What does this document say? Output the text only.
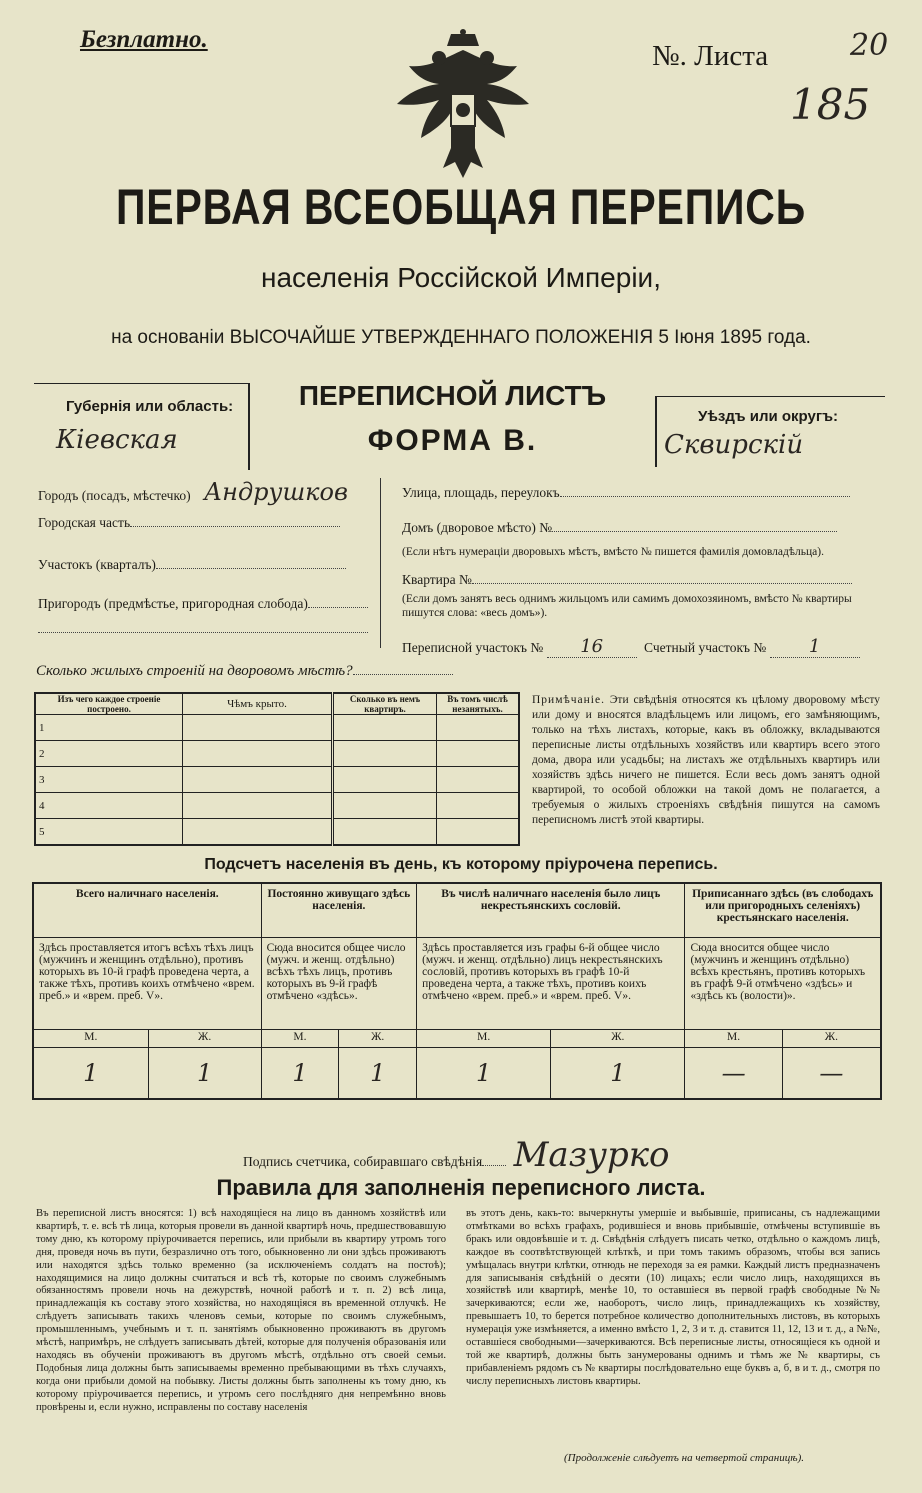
Безплатно.
№. Листа	20
185
ПЕРВАЯ ВСЕОБЩАЯ ПЕРЕПИСЬ
населенія Россійской Имперіи,
на основаніи ВЫСОЧАЙШЕ УТВЕРЖДЕННАГО ПОЛОЖЕНІЯ 5 Іюня 1895 года.
Губернія или область:
Кіевская
ПЕРЕПИСНОЙ ЛИСТЪ
ФОРМА В.
Уѣздъ или округъ:
Сквирскій
Городъ (посадъ, мѣстечко) Андрушков
Городская часть
Участокъ (кварталъ)
Пригородъ (предмѣстье, пригородная слобода)
Улица, площадь, переулокъ
Домъ (дворовое мѣсто) №
(Если нѣтъ нумераціи дворовыхъ мѣстъ, вмѣсто № пишется фамилія домовладѣльца).
Квартира №
(Если домъ занятъ весь однимъ жильцомъ или самимъ домохозяиномъ, вмѣсто № квартиры пишутся слова: «весь домъ»).
Переписной участокъ № 16	Счетный участокъ № 1
Сколько жилыхъ строеній на дворовомъ мѣстѣ?
Изъ чего каждое строеніе построено.	Чѣмъ крыто.	Сколько въ немъ квартиръ.	Въ томъ числѣ незанятыхъ.
1			
2			
3			
4			
5			
Примѣчаніе. Эти свѣдѣнія относятся къ цѣлому дворовому мѣсту или дому и вносятся владѣльцемъ или лицомъ, его замѣняющимъ, только на тѣхъ листахъ, которые, какъ въ обложку, вкладываются переписные листы отдѣльныхъ хозяйствъ или квартиръ всего этого дома, двора или усадьбы; на листахъ же отдѣльныхъ квартиръ или хозяйствъ здѣсь ничего не пишется. Если весь домъ занятъ одной квартирой, то особой обложки на такой домъ не полагается, а требуемыя о жилыхъ строеніяхъ свѣдѣнія пишутся на самомъ переписномъ листѣ этой квартиры.
Подсчетъ населенія въ день, къ которому пріурочена перепись.
Всего наличнаго населенія.		Постоянно живущаго здѣсь населенія.		Въ числѣ наличнаго населенія было лицъ некрестьянскихъ сословій.		Приписаннаго здѣсь (въ слободахъ или пригородныхъ селеніяхъ) крестьянскаго населенія.	
Здѣсь проставляется итогъ всѣхъ тѣхъ лицъ (мужчинъ и женщинъ отдѣльно), противъ которыхъ въ 10-й графѣ проведена черта, а также тѣхъ, противъ коихъ отмѣчено «врем. преб.» и «врем. преб. V».		Сюда вносится общее число (мужч. и женщ. отдѣльно) всѣхъ тѣхъ лицъ, противъ которыхъ въ 9-й графѣ отмѣчено «здѣсь».		Здѣсь проставляется изъ графы 6-й общее число (мужч. и женщ. отдѣльно) лицъ некрестьянскихъ сословій, противъ которыхъ въ графѣ 10-й проведена черта, а также тѣхъ, противъ коихъ отмѣчено «врем. преб.» и «врем. преб. V».		Сюда вносится общее число (мужчинъ и женщинъ отдѣльно) всѣхъ крестьянъ, противъ которыхъ въ графѣ 9-й отмѣчено «здѣсь» и «здѣсь къ (волости)».	
М.	Ж.	М.	Ж.	М.	Ж.	М.	Ж.
1	1	1	1	1	1	—	—
Подпись счетчика, собиравшаго свѣдѣнія Мазурко
Правила для заполненія переписного листа.
Въ переписной листъ вносятся: 1) всѣ находящіеся на лицо въ данномъ хозяйствѣ или квартирѣ, т. е. всѣ тѣ лица, которыя провели въ данной квартирѣ ночь, предшествовавшую тому дню, къ которому пріурочивается перепись, или прибыли въ квартиру утромъ того дня, проведя ночь въ пути, безразлично отъ того, обыкновенно ли они здѣсь проживаютъ или находятся здѣсь только временно (за исключеніемъ солдатъ на постоѣ); находящимися на лицо должны считаться и всѣ тѣ, которые по своимъ служебнымъ обязанностямъ провели ночь на дежурствѣ, ночной работѣ и т. п. 2) всѣ лица, принадлежащія къ составу этого хозяйства, но находящіяся въ временной отлучкѣ. Не слѣдуетъ записывать такихъ членовъ семьи, которые по своимъ служебнымъ, промышленнымъ, учебнымъ и т. п. занятіямъ обыкновенно проживаютъ въ другомъ мѣстѣ, напримѣръ, не слѣдуетъ записывать дѣтей, которые для полученія образованія или находясь въ обученіи проживаютъ въ другомъ мѣстѣ, отдѣльно отъ своей семьи. Подобныя лица должны быть записываемы временно пребывающими въ тѣхъ случаяхъ, когда они прибыли домой на побывку. Листы должны быть заполнены къ тому дню, къ которому пріурочивается перепись, и утромъ сего послѣдняго дня непремѣнно вновь провѣрены и, если нужно, исправлены по составу населенія
въ этотъ день, какъ-то: вычеркнуты умершіе и выбывшіе, приписаны, съ надлежащими отмѣтками во всѣхъ графахъ, родившіеся и вновь прибывшіе, отмѣчены вступившіе въ бракъ или овдовѣвшіе и т. д. Свѣдѣнія слѣдуетъ писать четко, отдѣльно о каждомъ лицѣ, каждое въ соотвѣтствующей клѣткѣ, и при томъ такимъ образомъ, чтобы вся запись умѣщалась внутри клѣтки, отнюдь не переходя за ея рамки. Каждый листъ предназначенъ для записыванія свѣдѣній о десяти (10) лицахъ; если число лицъ, находящихся въ хозяйствѣ или квартирѣ, менѣе 10, то оставшіеся въ первой графѣ свободные №№ зачеркиваются; если же, наоборотъ, число лицъ, принадлежащихъ къ хозяйству, превышаетъ 10, то берется потребное количество дополнительныхъ листовъ, въ которыхъ нумерація уже измѣняется, а именно вмѣсто 1, 2, 3 и т. д. ставится 11, 12, 13 и т. д., а №№, оставшіеся свободными—зачеркиваются. Всѣ переписные листы, относящіеся къ одной и той же квартирѣ, должны быть занумерованы однимъ и тѣмъ же № квартиры, съ прибавленіемъ рядомъ съ № квартиры послѣдовательно еще буквъ а, б, в и т. д., смотря по числу переписныхъ листовъ квартиры.
(Продолженіе слѣдуетъ на четвертой страницѣ).
